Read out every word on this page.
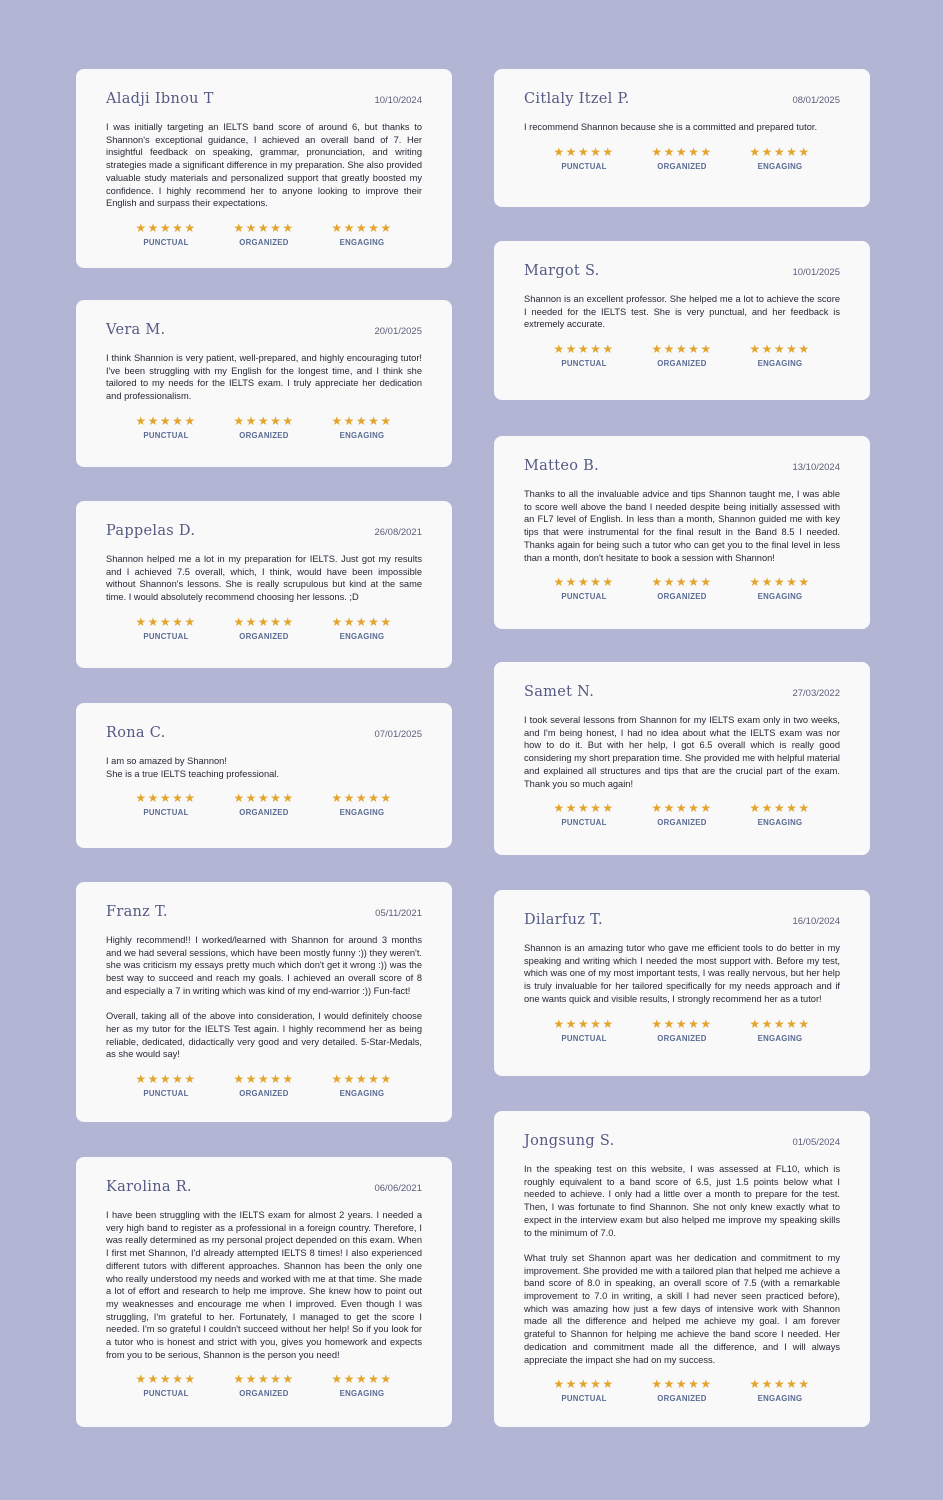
Aladji Ibnou T	10/10/2024
I was initially targeting an IELTS band score of around 6, but thanks to Shannon's exceptional guidance, I achieved an overall band of 7. Her insightful feedback on speaking, grammar, pronunciation, and writing strategies made a significant difference in my preparation. She also provided valuable study materials and personalized support that greatly boosted my confidence. I highly recommend her to anyone looking to improve their English and surpass their expectations.
★★★★★
PUNCTUAL
★★★★★
ORGANIZED
★★★★★
ENGAGING
Vera M.	20/01/2025
I think Shannion is very patient, well-prepared, and highly encouraging tutor! I've been struggling with my English for the longest time, and I think she tailored to my needs for the IELTS exam. I truly appreciate her dedication and professionalism.
★★★★★
PUNCTUAL
★★★★★
ORGANIZED
★★★★★
ENGAGING
Pappelas D.	26/08/2021
Shannon helped me a lot in my preparation for IELTS. Just got my results and I achieved 7.5 overall, which, I think, would have been impossible without Shannon's lessons. She is really scrupulous but kind at the same time. I would absolutely recommend choosing her lessons. ;D
★★★★★
PUNCTUAL
★★★★★
ORGANIZED
★★★★★
ENGAGING
Rona C.	07/01/2025
I am so amazed by Shannon!
She is a true IELTS teaching professional.
★★★★★
PUNCTUAL
★★★★★
ORGANIZED
★★★★★
ENGAGING
Franz T.	05/11/2021
Highly recommend!! I worked/learned with Shannon for around 3 months and we had several sessions, which have been mostly funny :)) they weren't. she was criticism my essays pretty much which don't get it wrong :)) was the best way to succeed and reach my goals. I achieved an overall score of 8 and especially a 7 in writing which was kind of my end-warrior :)) Fun-fact!

Overall, taking all of the above into consideration, I would definitely choose her as my tutor for the IELTS Test again. I highly recommend her as being reliable, dedicated, didactically very good and very detailed. 5-Star-Medals, as she would say!
★★★★★
PUNCTUAL
★★★★★
ORGANIZED
★★★★★
ENGAGING
Karolina R.	06/06/2021
I have been struggling with the IELTS exam for almost 2 years. I needed a very high band to register as a professional in a foreign country. Therefore, I was really determined as my personal project depended on this exam. When I first met Shannon, I'd already attempted IELTS 8 times! I also experienced different tutors with different approaches. Shannon has been the only one who really understood my needs and worked with me at that time. She made a lot of effort and research to help me improve. She knew how to point out my weaknesses and encourage me when I improved. Even though I was struggling, I'm grateful to her. Fortunately, I managed to get the score I needed. I'm so grateful I couldn't succeed without her help! So if you look for a tutor who is honest and strict with you, gives you homework and expects from you to be serious, Shannon is the person you need!
★★★★★
PUNCTUAL
★★★★★
ORGANIZED
★★★★★
ENGAGING
Citlaly Itzel P.	08/01/2025
I recommend Shannon because she is a committed and prepared tutor.
★★★★★
PUNCTUAL
★★★★★
ORGANIZED
★★★★★
ENGAGING
Margot S.	10/01/2025
Shannon is an excellent professor. She helped me a lot to achieve the score I needed for the IELTS test. She is very punctual, and her feedback is extremely accurate.
★★★★★
PUNCTUAL
★★★★★
ORGANIZED
★★★★★
ENGAGING
Matteo B.	13/10/2024
Thanks to all the invaluable advice and tips Shannon taught me, I was able to score well above the band I needed despite being initially assessed with an FL7 level of English. In less than a month, Shannon guided me with key tips that were instrumental for the final result in the Band 8.5 I needed. Thanks again for being such a tutor who can get you to the final level in less than a month, don't hesitate to book a session with Shannon!
★★★★★
PUNCTUAL
★★★★★
ORGANIZED
★★★★★
ENGAGING
Samet N.	27/03/2022
I took several lessons from Shannon for my IELTS exam only in two weeks, and I'm being honest, I had no idea about what the IELTS exam was nor how to do it. But with her help, I got 6.5 overall which is really good considering my short preparation time. She provided me with helpful material and explained all structures and tips that are the crucial part of the exam. Thank you so much again!
★★★★★
PUNCTUAL
★★★★★
ORGANIZED
★★★★★
ENGAGING
Dilarfuz T.	16/10/2024
Shannon is an amazing tutor who gave me efficient tools to do better in my speaking and writing which I needed the most support with. Before my test, which was one of my most important tests, I was really nervous, but her help is truly invaluable for her tailored specifically for my needs approach and if one wants quick and visible results, I strongly recommend her as a tutor!
★★★★★
PUNCTUAL
★★★★★
ORGANIZED
★★★★★
ENGAGING
Jongsung S.	01/05/2024
In the speaking test on this website, I was assessed at FL10, which is roughly equivalent to a band score of 6.5, just 1.5 points below what I needed to achieve. I only had a little over a month to prepare for the test. Then, I was fortunate to find Shannon. She not only knew exactly what to expect in the interview exam but also helped me improve my speaking skills to the minimum of 7.0.

What truly set Shannon apart was her dedication and commitment to my improvement. She provided me with a tailored plan that helped me achieve a band score of 8.0 in speaking, an overall score of 7.5 (with a remarkable improvement to 7.0 in writing, a skill I had never seen practiced before), which was amazing how just a few days of intensive work with Shannon made all the difference and helped me achieve my goal. I am forever grateful to Shannon for helping me achieve the band score I needed. Her dedication and commitment made all the difference, and I will always appreciate the impact she had on my success.
★★★★★
PUNCTUAL
★★★★★
ORGANIZED
★★★★★
ENGAGING
